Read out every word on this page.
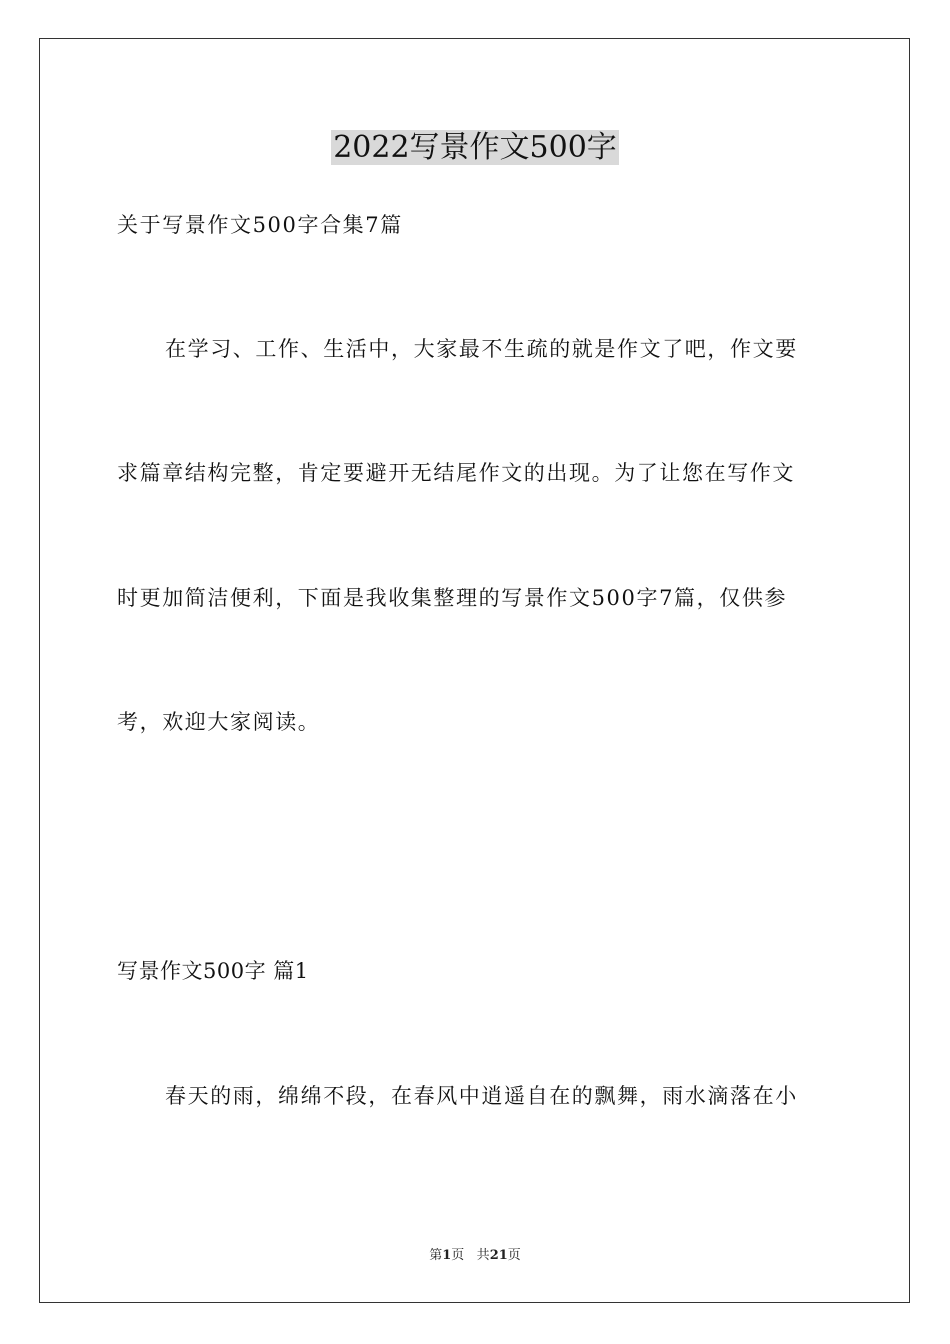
2022写景作文500字
关于写景作文500字合集7篇
在学习、工作、生活中，大家最不生疏的就是作文了吧，作文要
求篇章结构完整，肯定要避开无结尾作文的出现。为了让您在写作文
时更加简洁便利，下面是我收集整理的写景作文500字7篇，仅供参
考，欢迎大家阅读。
写景作文500字 篇1
春天的雨，绵绵不段，在春风中逍遥自在的飘舞，雨水滴落在小
第1页 共21页
